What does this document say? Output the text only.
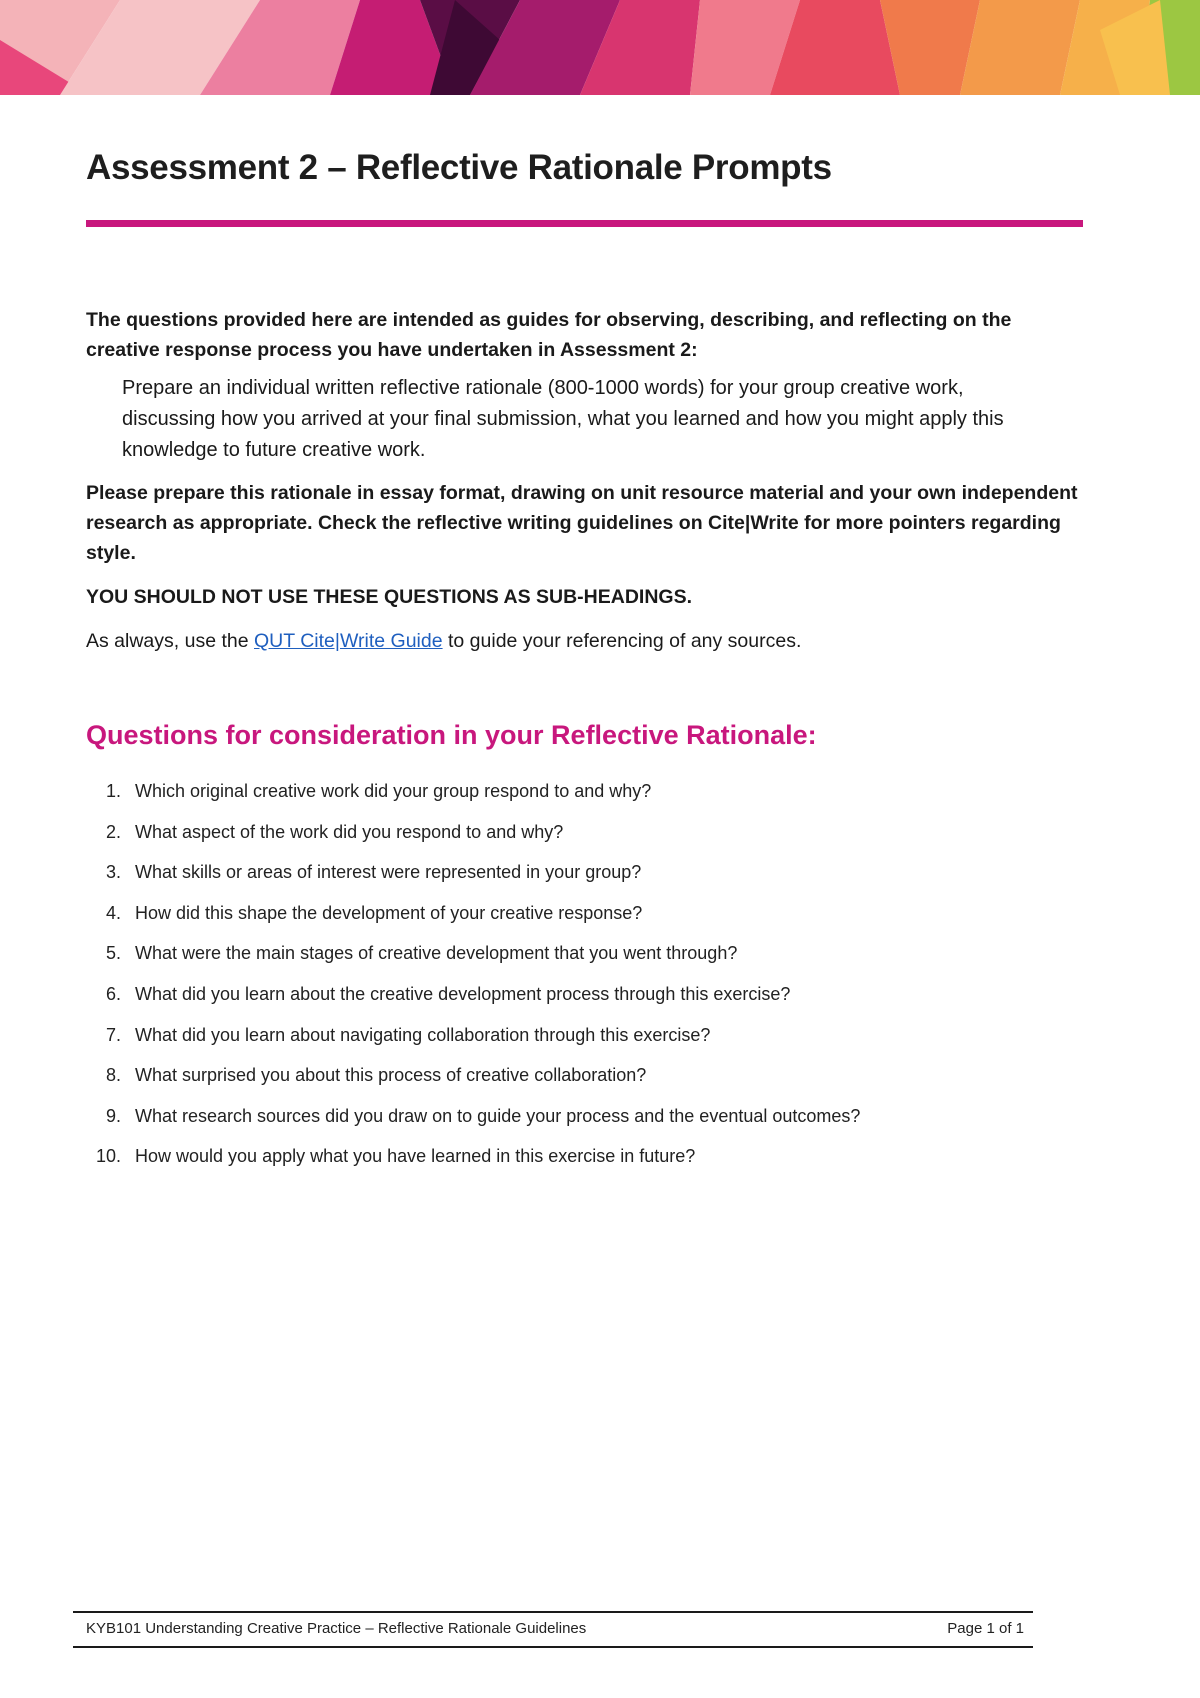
Assessment 2 – Reflective Rationale Prompts

The questions provided here are intended as guides for observing, describing, and reflecting on the creative response process you have undertaken in Assessment 2:

Prepare an individual written reflective rationale (800-1000 words) for your group creative work, discussing how you arrived at your final submission, what you learned and how you might apply this knowledge to future creative work.

Please prepare this rationale in essay format, drawing on unit resource material and your own independent research as appropriate. Check the reflective writing guidelines on Cite|Write for more pointers regarding style.

YOU SHOULD NOT USE THESE QUESTIONS AS SUB-HEADINGS.

As always, use the QUT Cite|Write Guide to guide your referencing of any sources.

Questions for consideration in your Reflective Rationale:
1. Which original creative work did your group respond to and why?
2. What aspect of the work did you respond to and why?
3. What skills or areas of interest were represented in your group?
4. How did this shape the development of your creative response?
5. What were the main stages of creative development that you went through?
6. What did you learn about the creative development process through this exercise?
7. What did you learn about navigating collaboration through this exercise?
8. What surprised you about this process of creative collaboration?
9. What research sources did you draw on to guide your process and the eventual outcomes?
10. How would you apply what you have learned in this exercise in future?
KYB101 Understanding Creative Practice – Reflective Rationale Guidelines	Page 1 of 1
